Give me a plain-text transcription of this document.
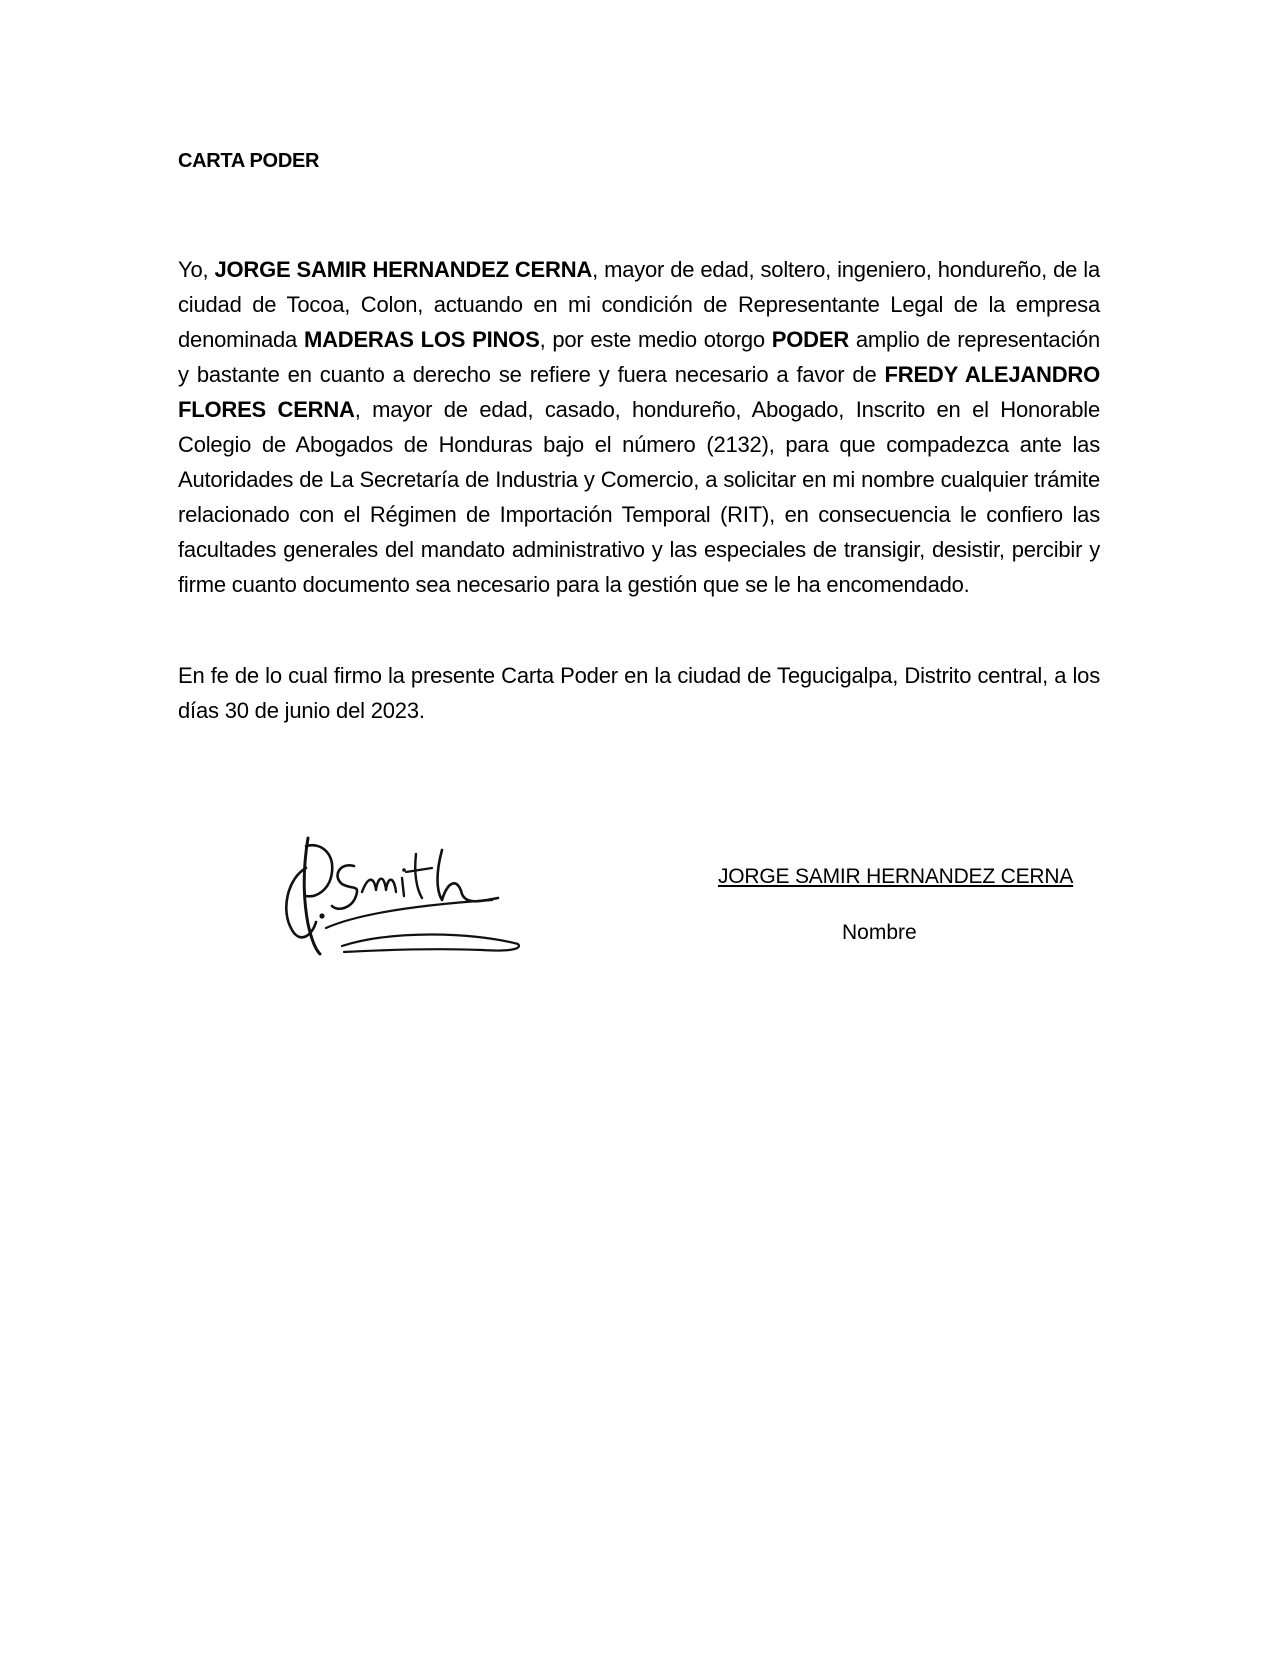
CARTA PODER

Yo, JORGE SAMIR HERNANDEZ CERNA, mayor de edad, soltero, ingeniero, hondureño, de la ciudad de Tocoa, Colon, actuando en mi condición de Representante Legal de la empresa denominada MADERAS LOS PINOS, por este medio otorgo PODER amplio de representación y bastante en cuanto a derecho se refiere y fuera necesario a favor de FREDY ALEJANDRO FLORES CERNA, mayor de edad, casado, hondureño, Abogado, Inscrito en el Honorable Colegio de Abogados de Honduras bajo el número (2132), para que compadezca ante las Autoridades de La Secretaría de Industria y Comercio, a solicitar en mi nombre cualquier trámite relacionado con el Régimen de Importación Temporal (RIT), en consecuencia le confiero las facultades generales del mandato administrativo y las especiales de transigir, desistir, percibir y firme cuanto documento sea necesario para la gestión que se le ha encomendado.

En fe de lo cual firmo la presente Carta Poder en la ciudad de Tegucigalpa, Distrito central, a los días 30 de junio del 2023.

JORGE SAMIR HERNANDEZ CERNA

Nombre
